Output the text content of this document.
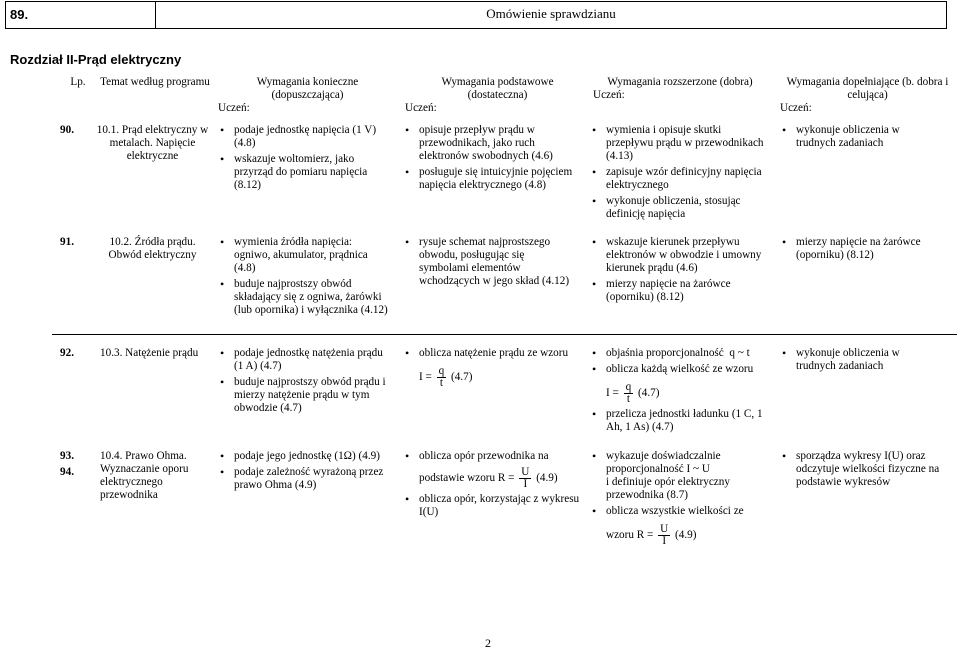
89.	Omówienie sprawdzianu
Rozdział II-Prąd elektryczny
Lp.	Temat według programu	Wymagania konieczne (dopuszczająca)
Uczeń:
Wymagania podstawowe (dostateczna)
Uczeń:
Wymagania rozszerzone (dobra)
Uczeń:
Wymagania dopełniające (b. dobra i celująca)
Uczeń:
90. 10.1. Prąd elektryczny w metalach. Napięcie elektryczne
• podaje jednostkę napięcia (1 V) (4.8)
• wskazuje woltomierz, jako przyrząd do pomiaru napięcia (8.12)
• opisuje przepływ prądu w przewodnikach, jako ruch elektronów swobodnych (4.6)
• posługuje się intuicyjnie pojęciem napięcia elektrycznego (4.8)
• wymienia i opisuje skutki przepływu prądu w przewodnikach (4.13)
• zapisuje wzór definicyjny napięcia elektrycznego
• wykonuje obliczenia, stosując definicję napięcia
• wykonuje obliczenia w trudnych zadaniach
91.	10.2. Źródła prądu. Obwód elektryczny
• wymienia źródła napięcia: ogniwo, akumulator, prądnica (4.8)
• buduje najprostszy obwód składający się z ogniwa, żarówki (lub opornika) i wyłącznika (4.12)
• rysuje schemat najprostszego obwodu, posługując się symbolami elementów wchodzących w jego skład (4.12)
• wskazuje kierunek przepływu elektronów w obwodzie i umowny kierunek prądu (4.6)
• mierzy napięcie na żarówce (oporniku) (8.12)
• mierzy napięcie na żarówce (oporniku) (8.12)
92. 10.3. Natężenie prądu
•	podaje jednostkę natężenia prądu (1 A) (4.7)
• buduje najprostszy obwód prądu i mierzy natężenie prądu w tym obwodzie (4.7)
• oblicza natężenie prądu ze wzoru
$I = \frac{q}{t} (4.7)$
• objaśnia proporcjonalność q ~ t
• oblicza każdą wielkość ze wzoru
$I = \frac{q}{t} (4.7)$
• przelicza jednostki ładunku (1 C, 1 Ah, 1 As) (4.7)
• wykonuje obliczenia w trudnych zadaniach
93.
94.
10.4. Prawo Ohma. Wyznaczanie oporu elektrycznego przewodnika
• podaje jego jednostkę (1Ω) (4.9)
• podaje zależność wyrażoną przez prawo Ohma (4.9)
• oblicza opór przewodnika na
podstawie wzoru $R = \frac{U}{I} (4.9)$
• oblicza opór, korzystając z wykresu I(U)
• wykazuje doświadczalnie proporcjonalność I ~ U
i definiuje opór elektryczny przewodnika (8.7)
• oblicza wszystkie wielkości ze
wzoru $R = \frac{U}{I} (4.9)$
• sporządza wykresy I(U) oraz odczytuje wielkości fizyczne na podstawie wykresów
2
